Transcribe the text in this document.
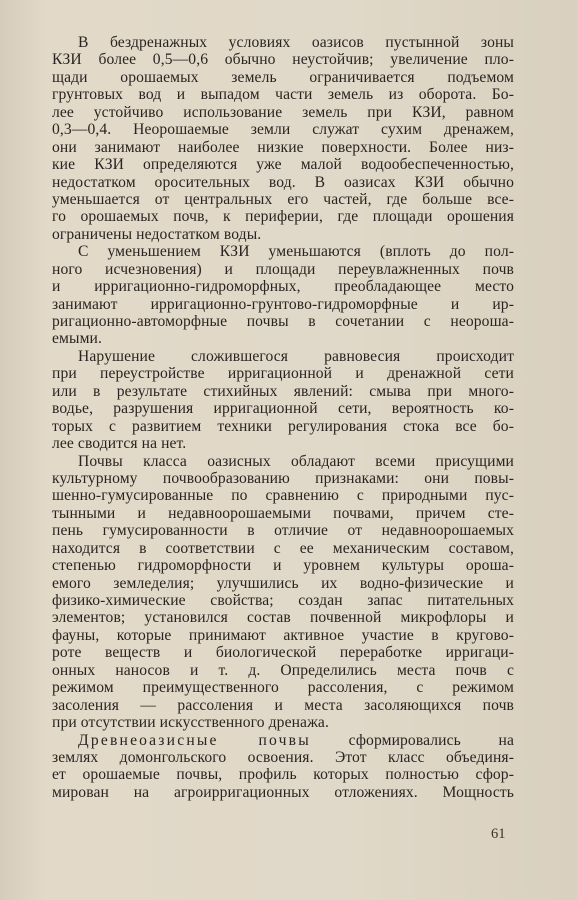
В бездренажных условиях оазисов пустынной зоны
КЗИ более 0,5—0,6 обычно неустойчив; увеличение пло-
щади орошаемых земель ограничивается подъемом
грунтовых вод и выпадом части земель из оборота. Бо-
лее устойчиво использование земель при КЗИ, равном
0,3—0,4. Неорошаемые земли служат сухим дренажем,
они занимают наиболее низкие поверхности. Более низ-
кие КЗИ определяются уже малой водообеспеченностью,
недостатком оросительных вод. В оазисах КЗИ обычно
уменьшается от центральных его частей, где больше все-
го орошаемых почв, к периферии, где площади орошения
ограничены недостатком воды.
С уменьшением КЗИ уменьшаются (вплоть до пол-
ного исчезновения) и площади переувлажненных почв
и ирригационно-гидроморфных, преобладающее место
занимают ирригационно-грунтово-гидроморфные и ир-
ригационно-автоморфные почвы в сочетании с неороша-
емыми.
Нарушение сложившегося равновесия происходит
при переустройстве ирригационной и дренажной сети
или в результате стихийных явлений: смыва при много-
водье, разрушения ирригационной сети, вероятность ко-
торых с развитием техники регулирования стока все бо-
лее сводится на нет.
Почвы класса оазисных обладают всеми присущими
культурному почвообразованию признаками: они повы-
шенно-гумусированные по сравнению с природными пус-
тынными и недавноорошаемыми почвами, причем сте-
пень гумусированности в отличие от недавноорошаемых
находится в соответствии с ее механическим составом,
степенью гидроморфности и уровнем культуры ороша-
емого земледелия; улучшились их водно-физические и
физико-химические свойства; создан запас питательных
элементов; установился состав почвенной микрофлоры и
фауны, которые принимают активное участие в кругово-
роте веществ и биологической переработке ирригаци-
онных наносов и т. д. Определились места почв с
режимом преимущественного рассоления, с режимом
засоления — рассоления и места засоляющихся почв
при отсутствии искусственного дренажа.
Древнеоазисные почвы сформировались на
землях домонгольского освоения. Этот класс объединя-
ет орошаемые почвы, профиль которых полностью сфор-
мирован на агроирригационных отложениях. Мощность
61
